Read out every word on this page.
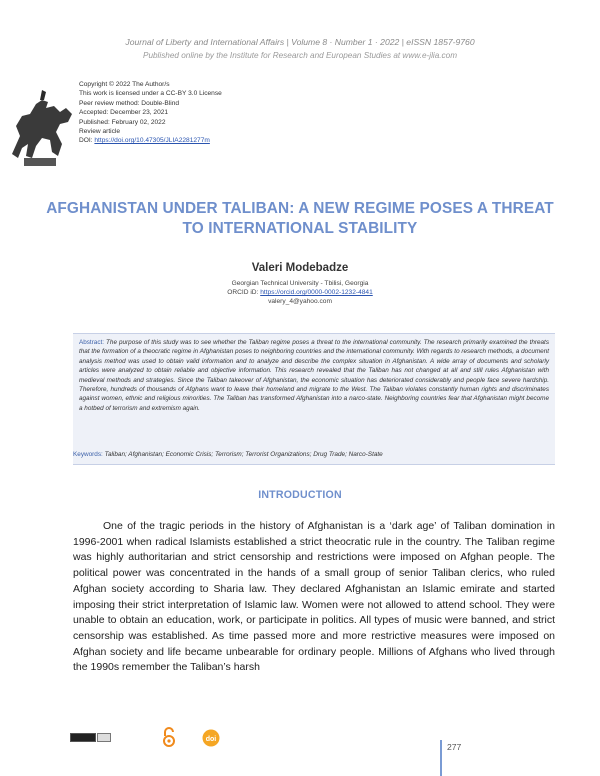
Journal of Liberty and International Affairs | Volume 8 · Number 1 · 2022 | eISSN 1857-9760
Published online by the Institute for Research and European Studies at www.e-jlia.com
Copyright © 2022 The Author/s
This work is licensed under a CC-BY 3.0 License
Peer review method: Double-Blind
Accepted: December 23, 2021
Published: February 02, 2022
Review article
DOI: https://doi.org/10.47305/JLIA2281277m
AFGHANISTAN UNDER TALIBAN: A NEW REGIME POSES A THREAT TO INTERNATIONAL STABILITY
Valeri Modebadze
Georgian Technical University - Tbilisi, Georgia
ORCID iD: https://orcid.org/0000-0002-1232-4841
valery_4@yahoo.com
Abstract: The purpose of this study was to see whether the Taliban regime poses a threat to the international community. The research primarily examined the threats that the formation of a theocratic regime in Afghanistan poses to neighboring countries and the international community. With regards to research methods, a document analysis method was used to obtain valid information and to analyze and describe the complex situation in Afghanistan. A wide array of documents and scholarly articles were analyzed to obtain reliable and objective information. This research revealed that the Taliban has not changed at all and still rules Afghanistan with medieval methods and strategies. Since the Taliban takeover of Afghanistan, the economic situation has deteriorated considerably and people face severe hardship. Therefore, hundreds of thousands of Afghans want to leave their homeland and migrate to the West. The Taliban violates constantly human rights and discriminates against women, ethnic and religious minorities. The Taliban has transformed Afghanistan into a narco-state. Neighboring countries fear that Afghanistan might become a hotbed of terrorism and extremism again.
Keywords: Taliban; Afghanistan; Economic Crisis; Terrorism; Terrorist Organizations; Drug Trade; Narco-State
INTRODUCTION
One of the tragic periods in the history of Afghanistan is a ‘dark age’ of Taliban domination in 1996-2001 when radical Islamists established a strict theocratic rule in the country. The Taliban regime was highly authoritarian and strict censorship and restrictions were imposed on Afghan people. The political power was concentrated in the hands of a small group of senior Taliban clerics, who ruled Afghan society according to Sharia law. They declared Afghanistan an Islamic emirate and started imposing their strict interpretation of Islamic law. Women were not allowed to attend school. They were unable to obtain an education, work, or participate in politics. All types of music were banned, and strict censorship was established. As time passed more and more restrictive measures were imposed on Afghan society and life became unbearable for ordinary people. Millions of Afghans who lived through the 1990s remember the Taliban’s harsh
doi
277
